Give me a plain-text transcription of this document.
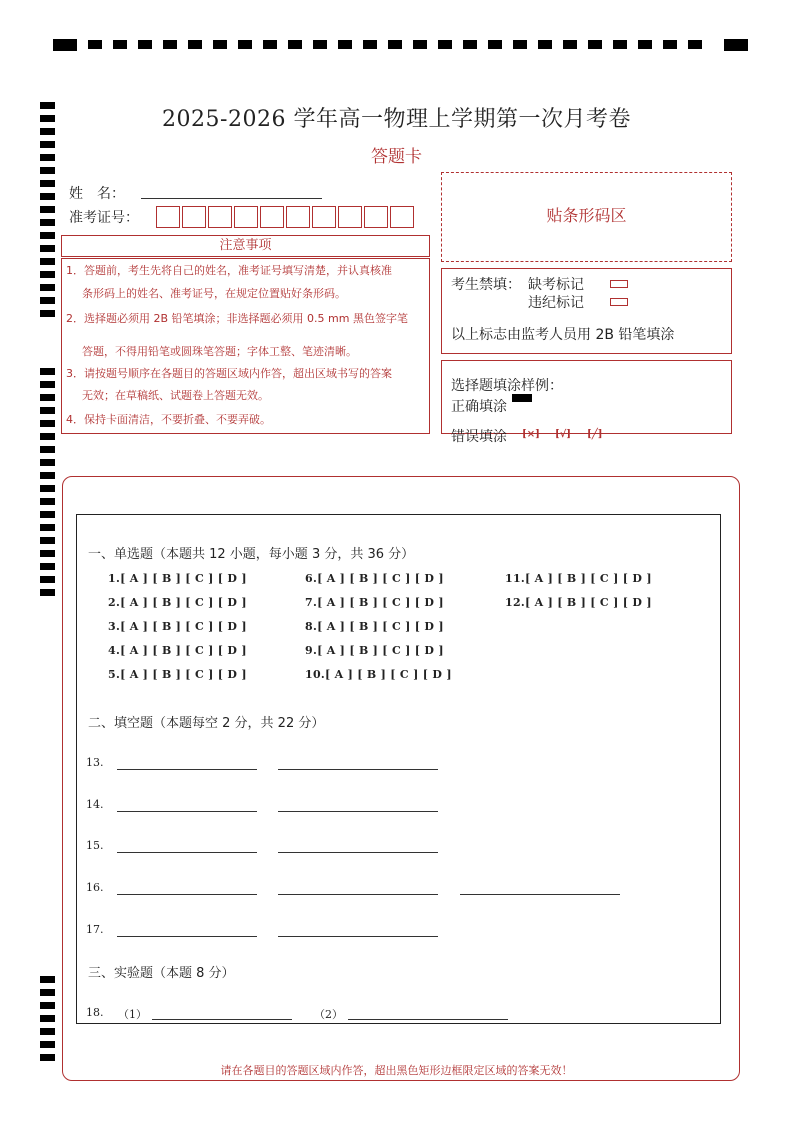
2025-2026 学年高一物理上学期第一次月考卷
答题卡
姓　名：
准考证号：	贴条形码区
注意事项
1．答题前，考生先将自己的姓名，准考证号填写清楚，并认真核准
条形码上的姓名、准考证号，在规定位置贴好条形码。
2．选择题必须用 2B 铅笔填涂；非选择题必须用 0.5 mm 黑色签字笔
答题，不得用铅笔或圆珠笔答题；字体工整、笔迹清晰。
3．请按题号顺序在各题目的答题区域内作答，超出区域书写的答案
无效；在草稿纸、试题卷上答题无效。
4．保持卡面清洁，不要折叠、不要弄破。
考生禁填： 缺考标记
违纪标记
以上标志由监考人员用 2B 铅笔填涂
选择题填涂样例：
正确填涂
错误填涂 [×] [√] [╱]
一、单选题（本题共 12 小题，每小题 3 分，共 36 分）
1.[ A ] [ B ] [ C ] [ D ]
2.[ A ] [ B ] [ C ] [ D ]
3.[ A ] [ B ] [ C ] [ D ]
4.[ A ] [ B ] [ C ] [ D ]
5.[ A ] [ B ] [ C ] [ D ]
6.[ A ] [ B ] [ C ] [ D ]
7.[ A ] [ B ] [ C ] [ D ]
8.[ A ] [ B ] [ C ] [ D ]
9.[ A ] [ B ] [ C ] [ D ]
10.[ A ] [ B ] [ C ] [ D ]
11.[ A ] [ B ] [ C ] [ D ]
12.[ A ] [ B ] [ C ] [ D ]
二、填空题（本题每空 2 分，共 22 分）
13.
14.
15.
16.
17.
三、实验题（本题 8 分）
18. （1）	（2）
请在各题目的答题区域内作答，超出黑色矩形边框限定区域的答案无效！
